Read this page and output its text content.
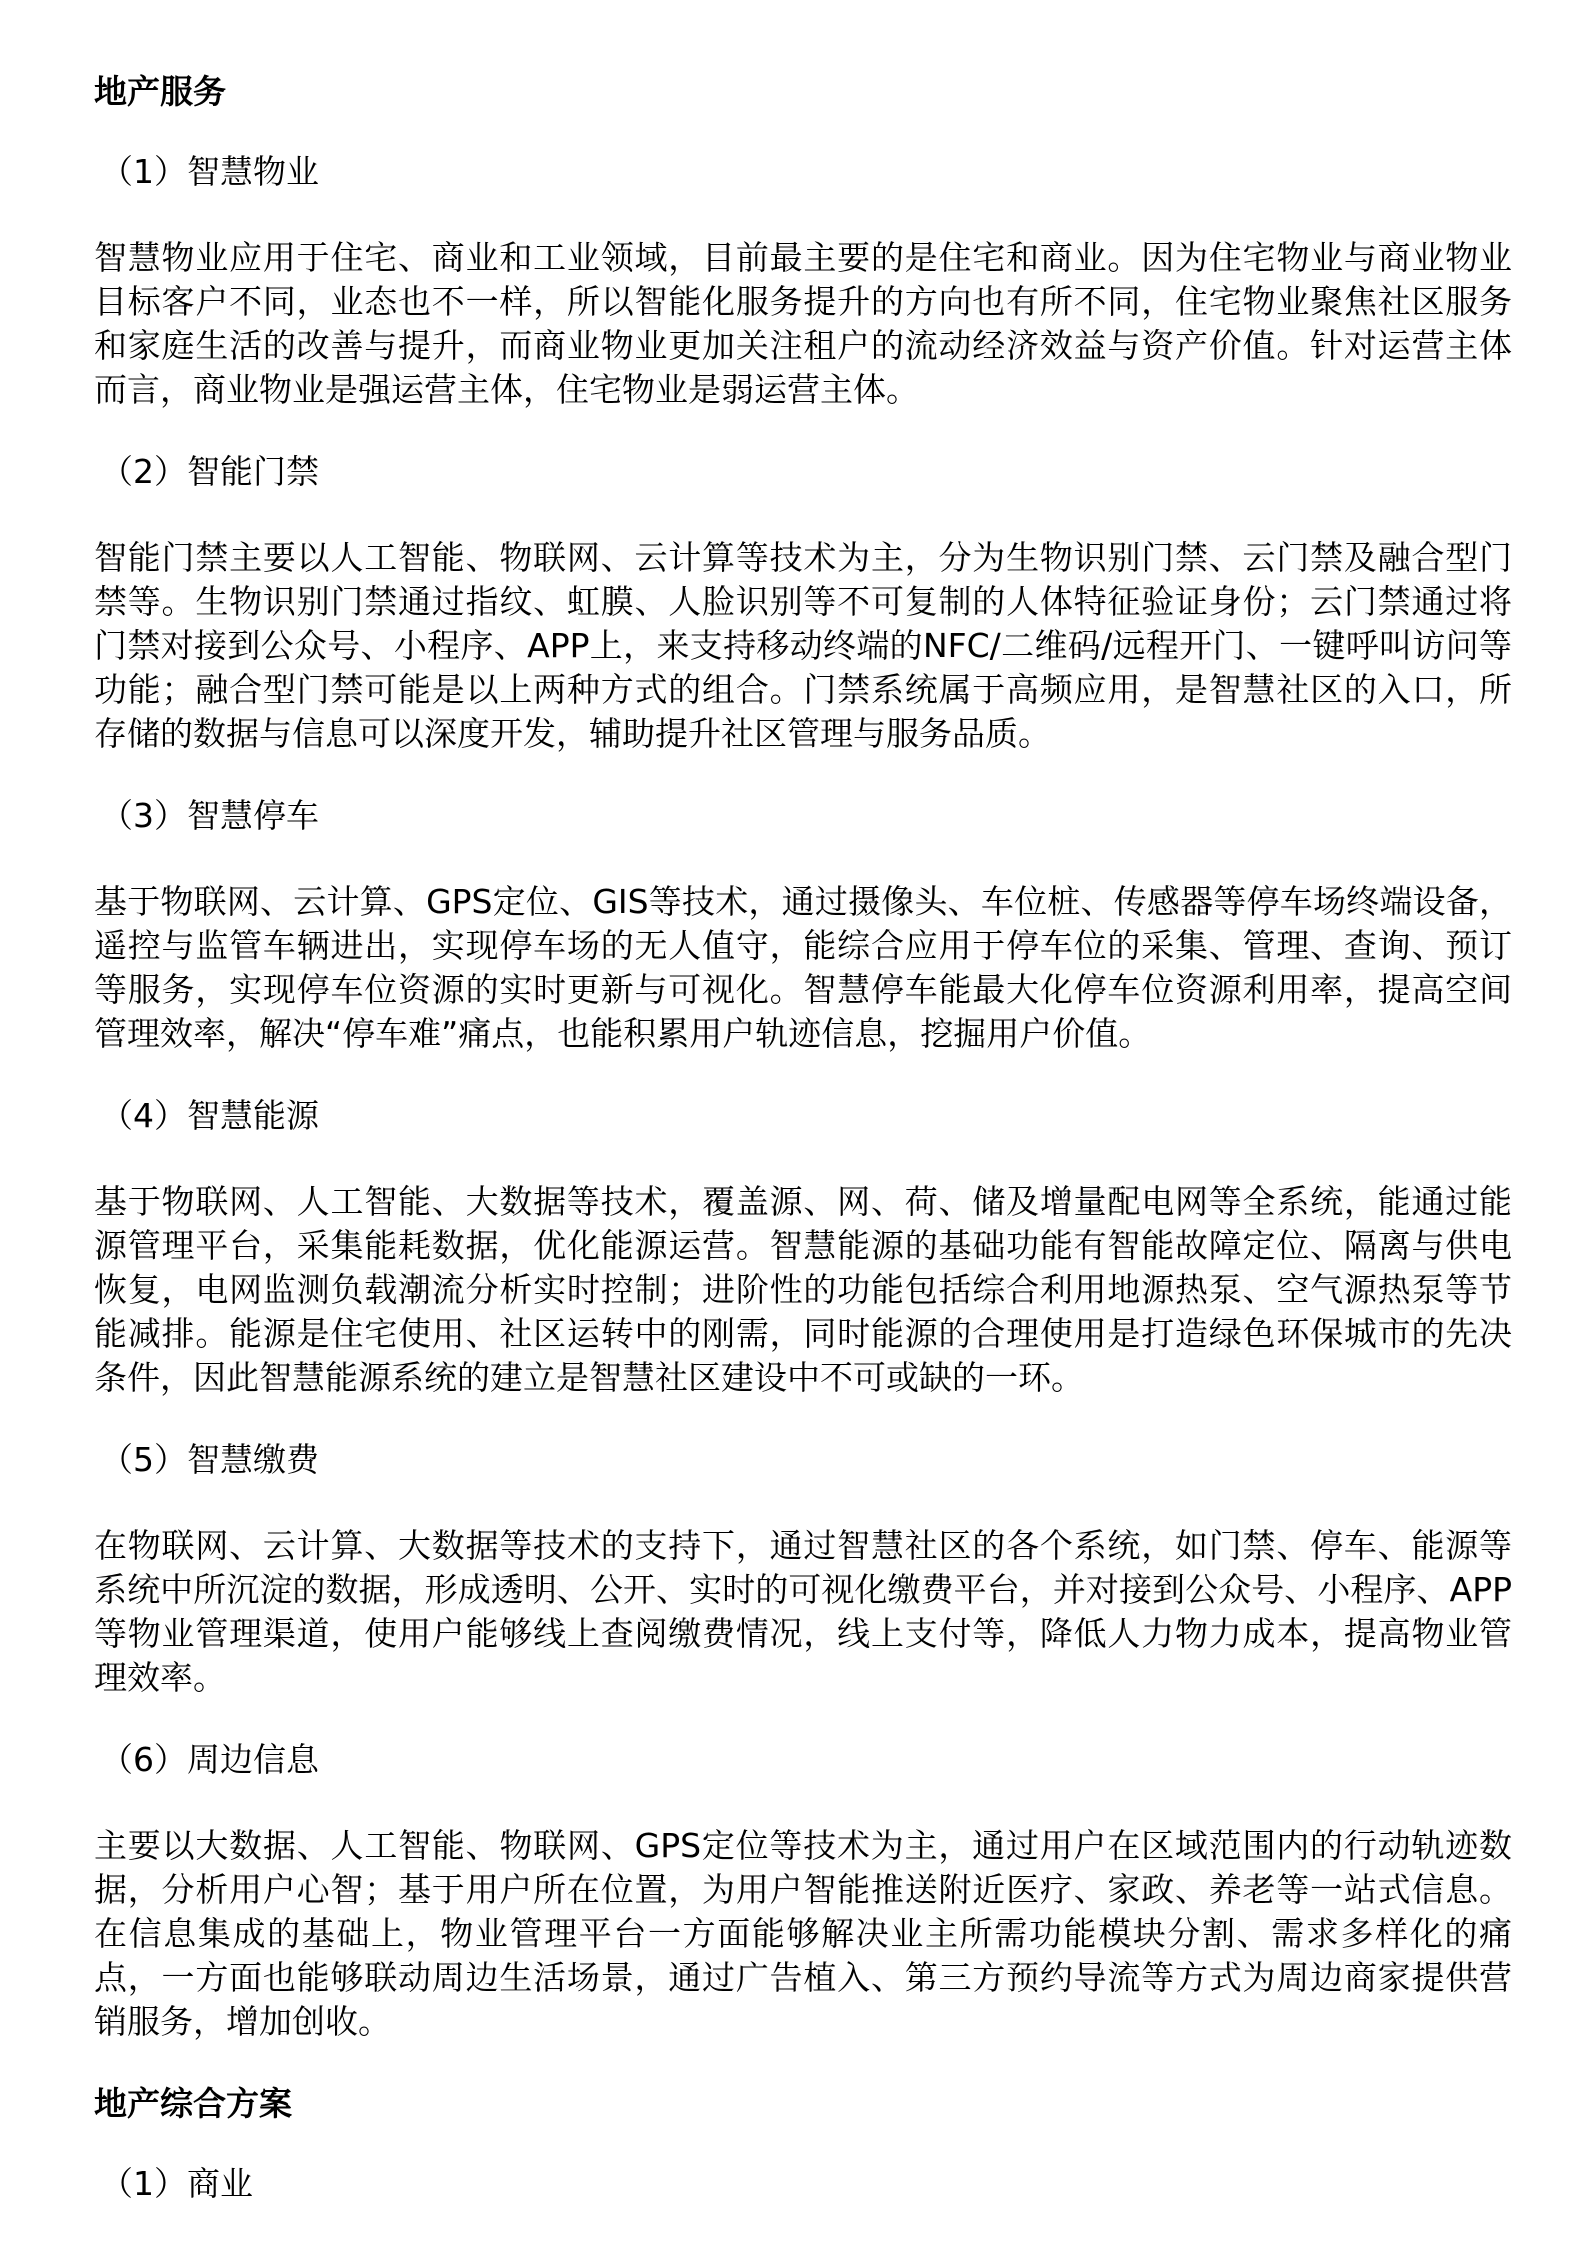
地产服务
（1）智慧物业

智慧物业应用于住宅、商业和工业领域，目前最主要的是住宅和商业。因为住宅物业与商业物业目标客户不同，业态也不一样，所以智能化服务提升的方向也有所不同，住宅物业聚焦社区服务和家庭生活的改善与提升，而商业物业更加关注租户的流动经济效益与资产价值。针对运营主体而言，商业物业是强运营主体，住宅物业是弱运营主体。

（2）智能门禁

智能门禁主要以人工智能、物联网、云计算等技术为主，分为生物识别门禁、云门禁及融合型门禁等。生物识别门禁通过指纹、虹膜、人脸识别等不可复制的人体特征验证身份；云门禁通过将门禁对接到公众号、小程序、APP上，来支持移动终端的NFC/二维码/远程开门、一键呼叫访问等功能；融合型门禁可能是以上两种方式的组合。门禁系统属于高频应用，是智慧社区的入口，所存储的数据与信息可以深度开发，辅助提升社区管理与服务品质。

（3）智慧停车

基于物联网、云计算、GPS定位、GIS等技术，通过摄像头、车位桩、传感器等停车场终端设备，遥控与监管车辆进出，实现停车场的无人值守，能综合应用于停车位的采集、管理、查询、预订等服务，实现停车位资源的实时更新与可视化。智慧停车能最大化停车位资源利用率，提高空间管理效率，解决“停车难”痛点，也能积累用户轨迹信息，挖掘用户价值。

（4）智慧能源

基于物联网、人工智能、大数据等技术，覆盖源、网、荷、储及增量配电网等全系统，能通过能源管理平台，采集能耗数据，优化能源运营。智慧能源的基础功能有智能故障定位、隔离与供电恢复，电网监测负载潮流分析实时控制；进阶性的功能包括综合利用地源热泵、空气源热泵等节能减排。能源是住宅使用、社区运转中的刚需，同时能源的合理使用是打造绿色环保城市的先决条件，因此智慧能源系统的建立是智慧社区建设中不可或缺的一环。

（5）智慧缴费

在物联网、云计算、大数据等技术的支持下，通过智慧社区的各个系统，如门禁、停车、能源等系统中所沉淀的数据，形成透明、公开、实时的可视化缴费平台，并对接到公众号、小程序、APP等物业管理渠道，使用户能够线上查阅缴费情况，线上支付等，降低人力物力成本，提高物业管理效率。

（6）周边信息

主要以大数据、人工智能、物联网、GPS定位等技术为主，通过用户在区域范围内的行动轨迹数据，分析用户心智；基于用户所在位置，为用户智能推送附近医疗、家政、养老等一站式信息。在信息集成的基础上，物业管理平台一方面能够解决业主所需功能模块分割、需求多样化的痛点，一方面也能够联动周边生活场景，通过广告植入、第三方预约导流等方式为周边商家提供营销服务，增加创收。

地产综合方案
（1）商业
